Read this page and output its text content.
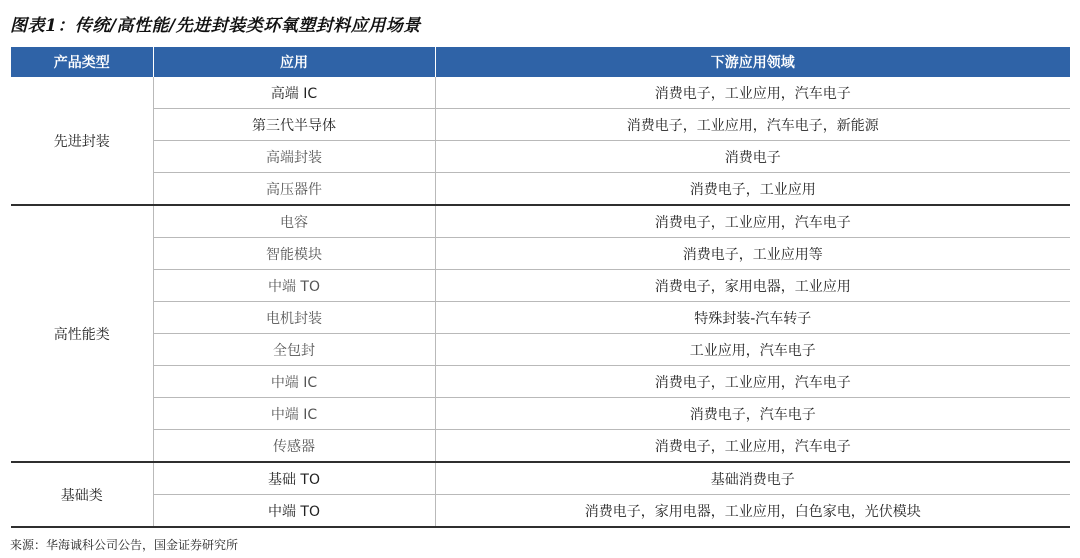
图表1：传统/高性能/先进封装类环氧塑封料应用场景
产品类型	应用	下游应用领域
先进封装	高端 IC	消费电子，工业应用，汽车电子
	第三代半导体	消费电子，工业应用，汽车电子，新能源
	高端封装	消费电子
	高压器件	消费电子，工业应用
高性能类	电容	消费电子，工业应用，汽车电子
	智能模块	消费电子，工业应用等
	中端 TO	消费电子，家用电器，工业应用
	电机封装	特殊封装-汽车转子
	全包封	工业应用，汽车电子
	中端 IC	消费电子，工业应用，汽车电子
	中端 IC	消费电子，汽车电子
	传感器	消费电子，工业应用，汽车电子
基础类	基础 TO	基础消费电子
	中端 TO	消费电子，家用电器，工业应用，白色家电，光伏模块
来源：华海诚科公司公告，国金证券研究所
